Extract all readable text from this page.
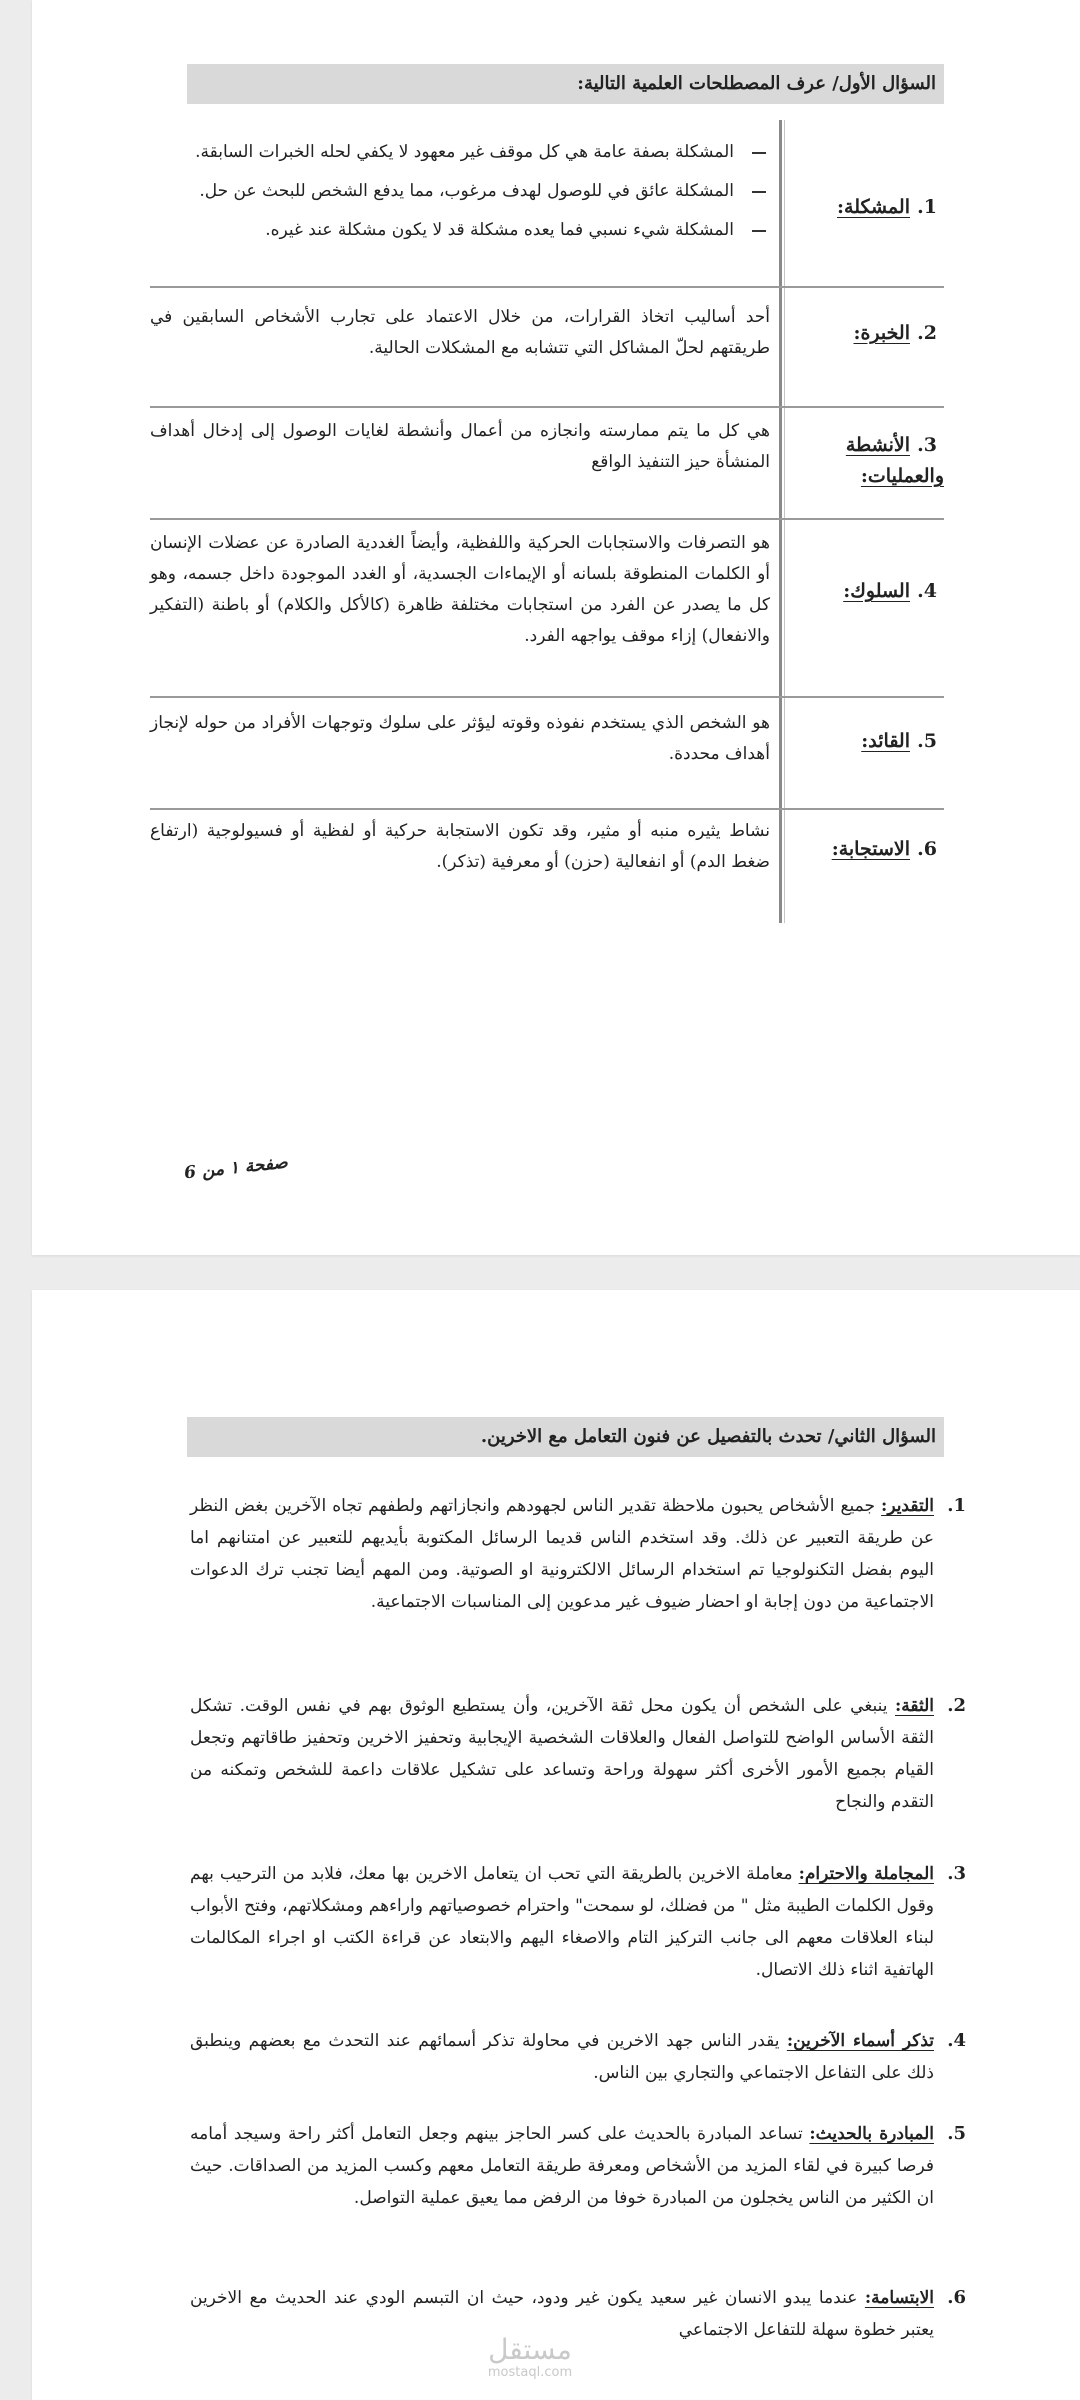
السؤال الأول/ عرف المصطلحات العلمية التالية:
1.المشكلة:
المشكلة بصفة عامة هي كل موقف غير معهود لا يكفي لحله الخبرات السابقة.
المشكلة عائق في للوصول لهدف مرغوب، مما يدفع الشخص للبحث عن حل.
المشكلة شيء نسبي فما يعده مشكلة قد لا يكون مشكلة عند غيره.
2.الخبرة:
أحد أساليب اتخاذ القرارات، من خلال الاعتماد على تجارب الأشخاص السابقين في طريقتهم لحلّ المشاكل التي تتشابه مع المشكلات الحالية.
3.الأنشطة والعمليات:
هي كل ما يتم ممارسته وانجازه من أعمال وأنشطة لغايات الوصول إلى إدخال أهداف المنشأة حيز التنفيذ الواقع
4.السلوك:
هو التصرفات والاستجابات الحركية واللفظية، وأيضاً الغددية الصادرة عن عضلات الإنسان أو الكلمات المنطوقة بلسانه أو الإيماءات الجسدية، أو الغدد الموجودة داخل جسمه، وهو كل ما يصدر عن الفرد من استجابات مختلفة ظاهرة (كالأكل والكلام) أو باطنة (التفكير والانفعال) إزاء موقف يواجهه الفرد.
5.القائد:
هو الشخص الذي يستخدم نفوذه وقوته ليؤثر على سلوك وتوجهات الأفراد من حوله لإنجاز أهداف محددة.
6.الاستجابة:
نشاط يثيره منبه أو مثير، وقد تكون الاستجابة حركية أو لفظية أو فسيولوجية (ارتفاع ضغط الدم) أو انفعالية (حزن) أو معرفية (تذكر).
صفحة ١ من 6
السؤال الثاني/ تحدث بالتفصيل عن فنون التعامل مع الاخرين.
1.
التقدير: جميع الأشخاص يحبون ملاحظة تقدير الناس لجهودهم وانجازاتهم ولطفهم تجاه الآخرين بغض النظر عن طريقة التعبير عن ذلك. وقد استخدم الناس قديما الرسائل المكتوبة بأيديهم للتعبير عن امتنانهم اما اليوم بفضل التكنولوجيا تم استخدام الرسائل الالكترونية او الصوتية. ومن المهم أيضا تجنب ترك الدعوات الاجتماعية من دون إجابة او احضار ضيوف غير مدعوين إلى المناسبات الاجتماعية.
2.
الثقة: ينبغي على الشخص أن يكون محل ثقة الآخرين، وأن يستطيع الوثوق بهم في نفس الوقت. تشكل الثقة الأساس الواضح للتواصل الفعال والعلاقات الشخصية الإيجابية وتحفيز الاخرين وتحفيز طاقاتهم وتجعل القيام بجميع الأمور الأخرى أكثر سهولة وراحة وتساعد على تشكيل علاقات داعمة للشخص وتمكنه من التقدم والنجاح
3.
المجاملة والاحترام: معاملة الاخرين بالطريقة التي تحب ان يتعامل الاخرين بها معك، فلابد من الترحيب بهم وقول الكلمات الطيبة مثل " من فضلك، لو سمحت" واحترام خصوصياتهم واراءهم ومشكلاتهم، وفتح الأبواب لبناء العلاقات معهم الى جانب التركيز التام والاصغاء اليهم والابتعاد عن قراءة الكتب او اجراء المكالمات الهاتفية اثناء ذلك الاتصال.
4.
تذكر أسماء الآخرين: يقدر الناس جهد الاخرين في محاولة تذكر أسمائهم عند التحدث مع بعضهم وينطبق ذلك على التفاعل الاجتماعي والتجاري بين الناس.
5.
المبادرة بالحديث: تساعد المبادرة بالحديث على كسر الحاجز بينهم وجعل التعامل أكثر راحة وسيجد أمامه فرصا كبيرة في لقاء المزيد من الأشخاص ومعرفة طريقة التعامل معهم وكسب المزيد من الصداقات. حيث ان الكثير من الناس يخجلون من المبادرة خوفا من الرفض مما يعيق عملية التواصل.
6.
الابتسامة: عندما يبدو الانسان غير سعيد يكون غير ودود، حيث ان التبسم الودي عند الحديث مع الاخرين يعتبر خطوة سهلة للتفاعل الاجتماعي
مستقل
mostaql.com
